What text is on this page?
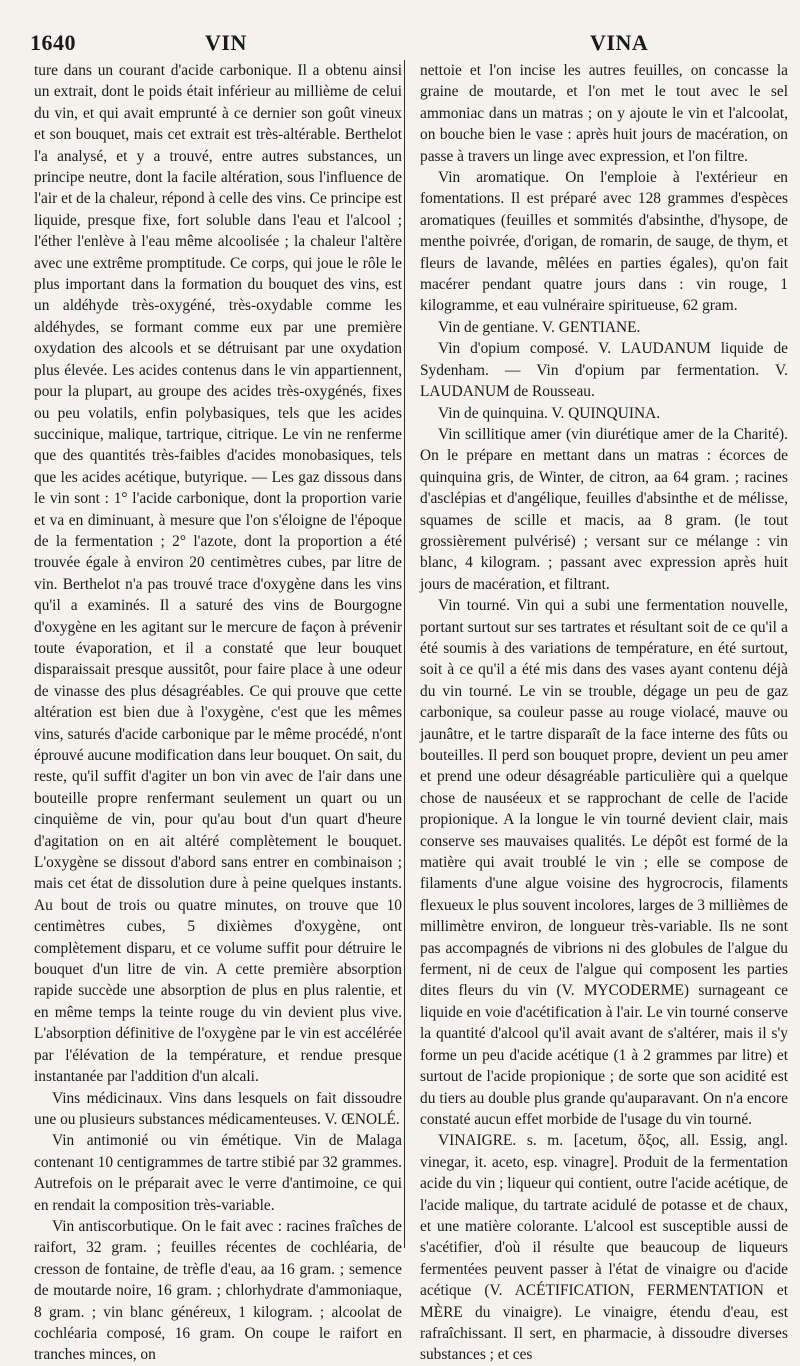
1640	VIN	VINA

ture dans un courant d'acide carbonique. Il a obtenu ainsi un extrait, dont le poids était inférieur au millième de celui du vin, et qui avait emprunté à ce dernier son goût vineux et son bouquet, mais cet extrait est très-altérable. Berthelot l'a analysé, et y a trouvé, entre autres substances, un principe neutre, dont la facile altération, sous l'influence de l'air et de la chaleur, répond à celle des vins. Ce principe est liquide, presque fixe, fort soluble dans l'eau et l'alcool ; l'éther l'enlève à l'eau même alcoolisée ; la chaleur l'altère avec une extrême promptitude. Ce corps, qui joue le rôle le plus important dans la formation du bouquet des vins, est un aldéhyde très-oxygéné, très-oxydable comme les aldéhydes, se formant comme eux par une première oxydation des alcools et se détruisant par une oxydation plus élevée. Les acides contenus dans le vin appartiennent, pour la plupart, au groupe des acides très-oxygénés, fixes ou peu volatils, enfin polybasiques, tels que les acides succinique, malique, tartrique, citrique. Le vin ne renferme que des quantités très-faibles d'acides monobasiques, tels que les acides acétique, butyrique. — Les gaz dissous dans le vin sont : 1° l'acide carbonique, dont la proportion varie et va en diminuant, à mesure que l'on s'éloigne de l'époque de la fermentation ; 2° l'azote, dont la proportion a été trouvée égale à environ 20 centimètres cubes, par litre de vin. Berthelot n'a pas trouvé trace d'oxygène dans les vins qu'il a examinés. Il a saturé des vins de Bourgogne d'oxygène en les agitant sur le mercure de façon à prévenir toute évaporation, et il a constaté que leur bouquet disparaissait presque aussitôt, pour faire place à une odeur de vinasse des plus désagréables. Ce qui prouve que cette altération est bien due à l'oxygène, c'est que les mêmes vins, saturés d'acide carbonique par le même procédé, n'ont éprouvé aucune modification dans leur bouquet. On sait, du reste, qu'il suffit d'agiter un bon vin avec de l'air dans une bouteille propre renfermant seulement un quart ou un cinquième de vin, pour qu'au bout d'un quart d'heure d'agitation on en ait altéré complètement le bouquet. L'oxygène se dissout d'abord sans entrer en combinaison ; mais cet état de dissolution dure à peine quelques instants. Au bout de trois ou quatre minutes, on trouve que 10 centimètres cubes, 5 dixièmes d'oxygène, ont complètement disparu, et ce volume suffit pour détruire le bouquet d'un litre de vin. A cette première absorption rapide succède une absorption de plus en plus ralentie, et en même temps la teinte rouge du vin devient plus vive. L'absorption définitive de l'oxygène par le vin est accélérée par l'élévation de la température, et rendue presque instantanée par l'addition d'un alcali.

Vins médicinaux. Vins dans lesquels on fait dissoudre une ou plusieurs substances médicamenteuses. V. ŒNOLÉ.

Vin antimonié ou vin émétique. Vin de Malaga contenant 10 centigrammes de tartre stibié par 32 grammes. Autrefois on le préparait avec le verre d'antimoine, ce qui en rendait la composition très-variable.

Vin antiscorbutique. On le fait avec : racines fraîches de raifort, 32 gram. ; feuilles récentes de cochléaria, de cresson de fontaine, de trèfle d'eau, aa 16 gram. ; semence de moutarde noire, 16 gram. ; chlorhydrate d'ammoniaque, 8 gram. ; vin blanc généreux, 1 kilogram. ; alcoolat de cochléaria composé, 16 gram. On coupe le raifort en tranches minces, on

nettoie et l'on incise les autres feuilles, on concasse la graine de moutarde, et l'on met le tout avec le sel ammoniac dans un matras ; on y ajoute le vin et l'alcoolat, on bouche bien le vase : après huit jours de macération, on passe à travers un linge avec expression, et l'on filtre.

Vin aromatique. On l'emploie à l'extérieur en fomentations. Il est préparé avec 128 grammes d'espèces aromatiques (feuilles et sommités d'absinthe, d'hysope, de menthe poivrée, d'origan, de romarin, de sauge, de thym, et fleurs de lavande, mêlées en parties égales), qu'on fait macérer pendant quatre jours dans : vin rouge, 1 kilogramme, et eau vulnéraire spiritueuse, 62 gram.

Vin de gentiane. V. GENTIANE.

Vin d'opium composé. V. LAUDANUM liquide de Sydenham. — Vin d'opium par fermentation. V. LAUDANUM de Rousseau.

Vin de quinquina. V. QUINQUINA.

Vin scillitique amer (vin diurétique amer de la Charité). On le prépare en mettant dans un matras : écorces de quinquina gris, de Winter, de citron, aa 64 gram. ; racines d'asclépias et d'angélique, feuilles d'absinthe et de mélisse, squames de scille et macis, aa 8 gram. (le tout grossièrement pulvérisé) ; versant sur ce mélange : vin blanc, 4 kilogram. ; passant avec expression après huit jours de macération, et filtrant.

Vin tourné. Vin qui a subi une fermentation nouvelle, portant surtout sur ses tartrates et résultant soit de ce qu'il a été soumis à des variations de température, en été surtout, soit à ce qu'il a été mis dans des vases ayant contenu déjà du vin tourné. Le vin se trouble, dégage un peu de gaz carbonique, sa couleur passe au rouge violacé, mauve ou jaunâtre, et le tartre disparaît de la face interne des fûts ou bouteilles. Il perd son bouquet propre, devient un peu amer et prend une odeur désagréable particulière qui a quelque chose de nauséeux et se rapprochant de celle de l'acide propionique. A la longue le vin tourné devient clair, mais conserve ses mauvaises qualités. Le dépôt est formé de la matière qui avait troublé le vin ; elle se compose de filaments d'une algue voisine des hygrocrocis, filaments flexueux le plus souvent incolores, larges de 3 millièmes de millimètre environ, de longueur très-variable. Ils ne sont pas accompagnés de vibrions ni des globules de l'algue du ferment, ni de ceux de l'algue qui composent les parties dites fleurs du vin (V. MYCODERME) surnageant ce liquide en voie d'acétification à l'air. Le vin tourné conserve la quantité d'alcool qu'il avait avant de s'altérer, mais il s'y forme un peu d'acide acétique (1 à 2 grammes par litre) et surtout de l'acide propionique ; de sorte que son acidité est du tiers au double plus grande qu'auparavant. On n'a encore constaté aucun effet morbide de l'usage du vin tourné.

VINAIGRE. s. m. [acetum, ὄξος, all. Essig, angl. vinegar, it. aceto, esp. vinagre]. Produit de la fermentation acide du vin ; liqueur qui contient, outre l'acide acétique, de l'acide malique, du tartrate acidulé de potasse et de chaux, et une matière colorante. L'alcool est susceptible aussi de s'acétifier, d'où il résulte que beaucoup de liqueurs fermentées peuvent passer à l'état de vinaigre ou d'acide acétique (V. ACÉTIFICATION, FERMENTATION et MÈRE du vinaigre). Le vinaigre, étendu d'eau, est rafraîchissant. Il sert, en pharmacie, à dissoudre diverses substances ; et ces
